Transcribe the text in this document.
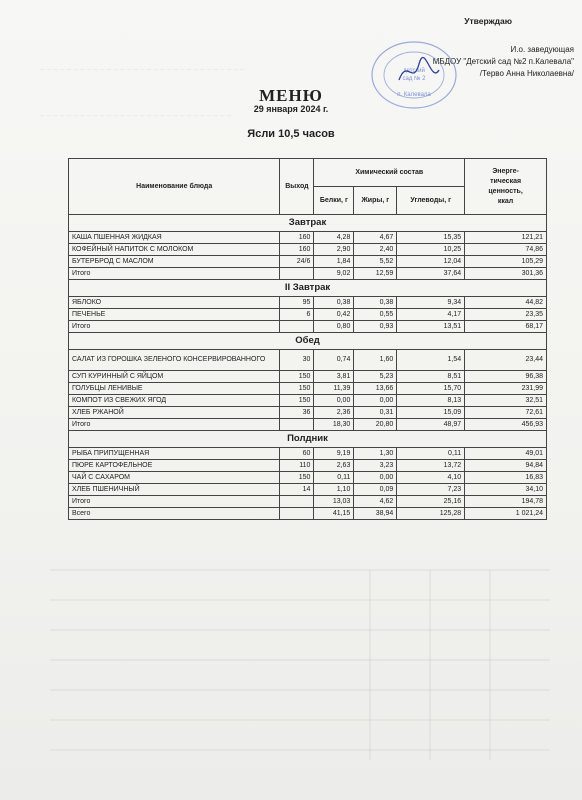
‒ ‒ ‒ ‒ ‒ ‒ ‒ ‒ ‒ ‒ ‒ ‒ ‒ ‒ ‒ ‒ ‒ ‒ ‒ ‒ ‒ ‒ ‒ ‒ ‒ ‒ ‒ ‒ ‒ ‒ ‒
‒ ‒ ‒ ‒ ‒ ‒ ‒ ‒ ‒ ‒ ‒ ‒ ‒ ‒ ‒ ‒ ‒ ‒ ‒ ‒ ‒ ‒ ‒ ‒ ‒ ‒ ‒ ‒ ‒
Утверждаю
И.о. заведующая
МБДОУ "Детский сад №2 п.Калевала"
/Терво Анна Николаевна/
детский
сад № 2
п. Калевала
МЕНЮ
29 января 2024 г.
Ясли 10,5 часов
Наименование блюда	Выход	Химический состав			Энерге-
тическая
ценность,
ккал
		Белки, г	Жиры, г	Углеводы, г	
Завтрак					
КАША ПШЕННАЯ ЖИДКАЯ	160	4,28	4,67	15,35	121,21
КОФЕЙНЫЙ НАПИТОК С МОЛОКОМ	160	2,90	2,40	10,25	74,86
БУТЕРБРОД С МАСЛОМ	24/6	1,84	5,52	12,04	105,29
Итого		9,02	12,59	37,64	301,36
II Завтрак					
ЯБЛОКО	95	0,38	0,38	9,34	44,82
ПЕЧЕНЬЕ	6	0,42	0,55	4,17	23,35
Итого		0,80	0,93	13,51	68,17
Обед					
САЛАТ ИЗ ГОРОШКА ЗЕЛЕНОГО КОНСЕРВИРОВАННОГО	30	0,74	1,60	1,54	23,44
СУП КУРИННЫЙ С ЯЙЦОМ	150	3,81	5,23	8,51	96,38
ГОЛУБЦЫ ЛЕНИВЫЕ	150	11,39	13,66	15,70	231,99
КОМПОТ ИЗ СВЕЖИХ ЯГОД	150	0,00	0,00	8,13	32,51
ХЛЕБ РЖАНОЙ	36	2,36	0,31	15,09	72,61
Итого		18,30	20,80	48,97	456,93
Полдник					
РЫБА ПРИПУЩЕННАЯ	60	9,19	1,30	0,11	49,01
ПЮРЕ КАРТОФЕЛЬНОЕ	110	2,63	3,23	13,72	94,84
ЧАЙ С САХАРОМ	150	0,11	0,00	4,10	16,83
ХЛЕБ ПШЕНИЧНЫЙ	14	1,10	0,09	7,23	34,10
Итого		13,03	4,62	25,16	194,78
Всего		41,15	38,94	125,28	1 021,24
